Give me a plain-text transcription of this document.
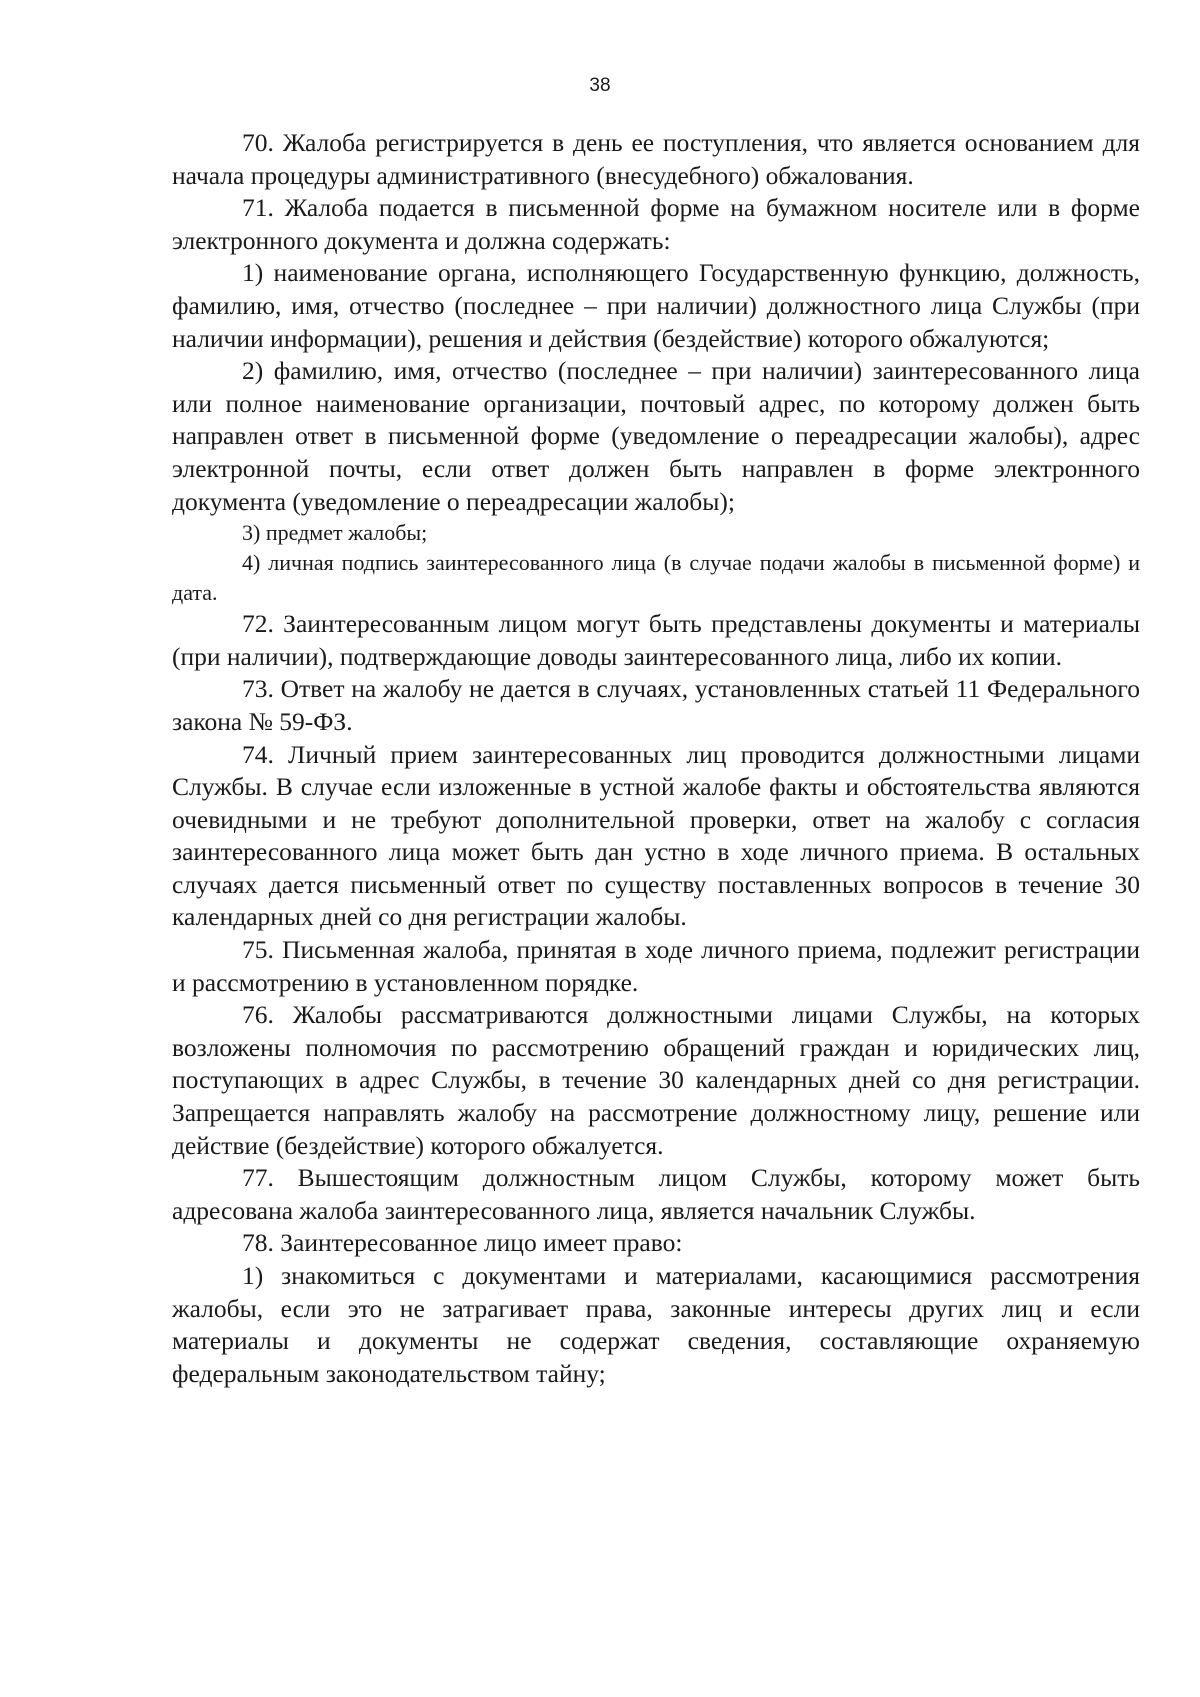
38

70. Жалоба регистрируется в день ее поступления, что является основанием для начала процедуры административного (внесудебного) обжалования.

71. Жалоба подается в письменной форме на бумажном носителе или в форме электронного документа и должна содержать:

1) наименование органа, исполняющего Государственную функцию, должность, фамилию, имя, отчество (последнее – при наличии) должностного лица Службы (при наличии информации), решения и действия (бездействие) которого обжалуются;

2) фамилию, имя, отчество (последнее – при наличии) заинтересованного лица или полное наименование организации, почтовый адрес, по которому должен быть направлен ответ в письменной форме (уведомление о переадресации жалобы), адрес электронной почты, если ответ должен быть направлен в форме электронного документа (уведомление о переадресации жалобы);

3) предмет жалобы;

4) личная подпись заинтересованного лица (в случае подачи жалобы в письменной форме) и дата.

72. Заинтересованным лицом могут быть представлены документы и материалы (при наличии), подтверждающие доводы заинтересованного лица, либо их копии.

73. Ответ на жалобу не дается в случаях, установленных статьей 11 Федерального закона № 59-ФЗ.

74. Личный прием заинтересованных лиц проводится должностными лицами Службы. В случае если изложенные в устной жалобе факты и обстоятельства являются очевидными и не требуют дополнительной проверки, ответ на жалобу с согласия заинтересованного лица может быть дан устно в ходе личного приема. В остальных случаях дается письменный ответ по существу поставленных вопросов в течение 30 календарных дней со дня регистрации жалобы.

75. Письменная жалоба, принятая в ходе личного приема, подлежит регистрации и рассмотрению в установленном порядке.

76. Жалобы рассматриваются должностными лицами Службы, на которых возложены полномочия по рассмотрению обращений граждан и юридических лиц, поступающих в адрес Службы, в течение 30 календарных дней со дня регистрации. Запрещается направлять жалобу на рассмотрение должностному лицу, решение или действие (бездействие) которого обжалуется.

77. Вышестоящим должностным лицом Службы, которому может быть адресована жалоба заинтересованного лица, является начальник Службы.

78. Заинтересованное лицо имеет право:

1) знакомиться с документами и материалами, касающимися рассмотрения жалобы, если это не затрагивает права, законные интересы других лиц и если материалы и документы не содержат сведения, составляющие охраняемую федеральным законодательством тайну;
